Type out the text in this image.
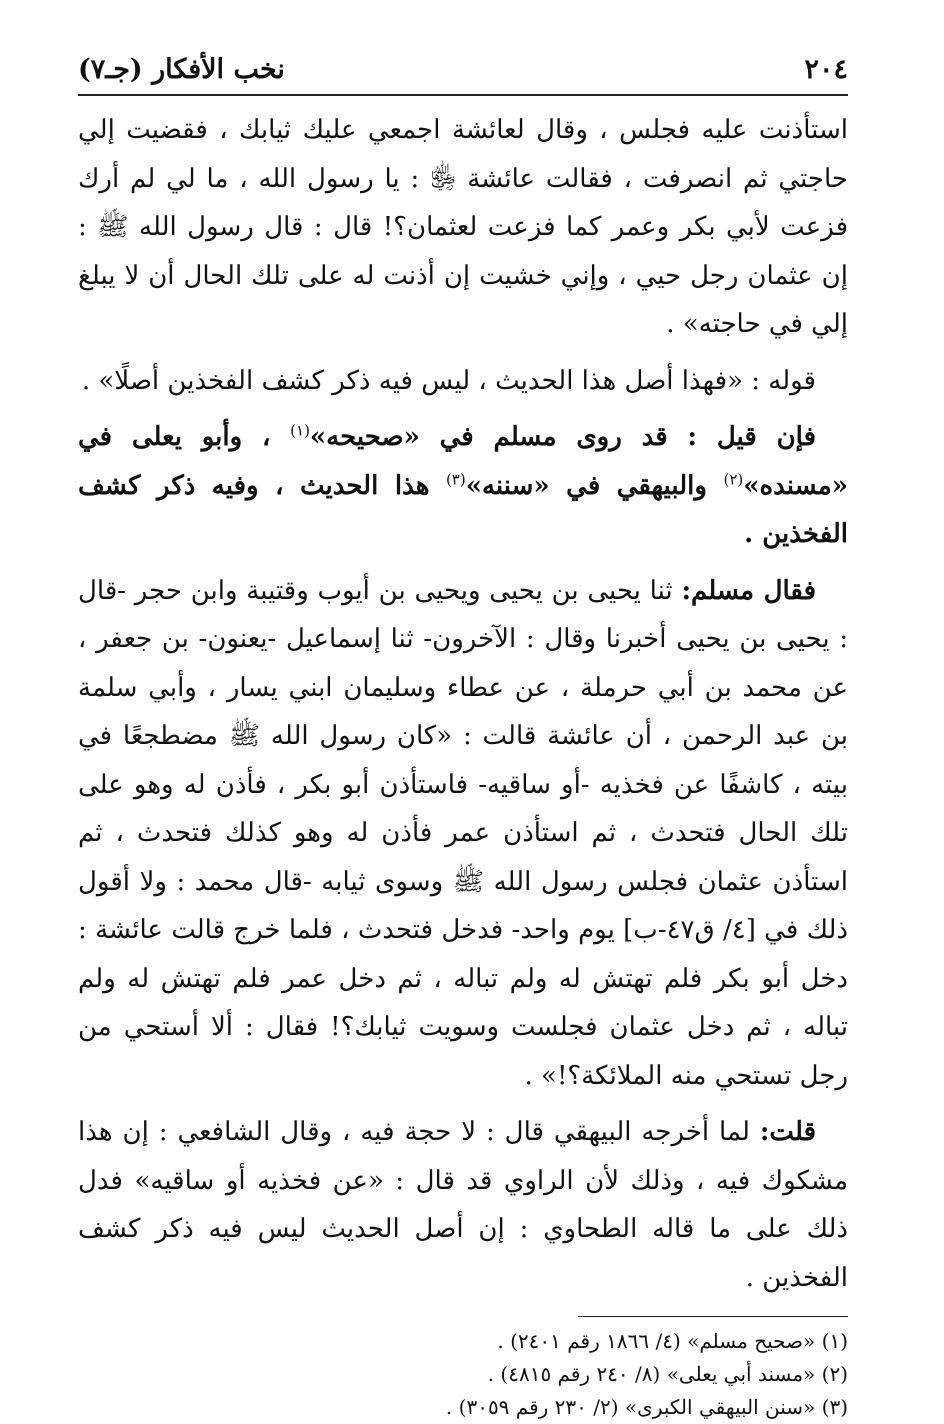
٢٠٤
نخب الأفكار (جـ٧)

استأذنت عليه فجلس ، وقال لعائشة اجمعي عليك ثيابك ، فقضيت إلي حاجتي ثم انصرفت ، فقالت عائشة ﵂ : يا رسول الله ، ما لي لم أرك فزعت لأبي بكر وعمر كما فزعت لعثمان؟! قال : قال رسول الله ﷺ : إن عثمان رجل حيي ، وإني خشيت إن أذنت له على تلك الحال أن لا يبلغ إلي في حاجته» .

قوله : «فهذا أصل هذا الحديث ، ليس فيه ذكر كشف الفخذين أصلًا» .

فإن قيل : قد روى مسلم في «صحيحه»$^{(١)}$ ، وأبو يعلى في «مسنده»$^{(٢)}$ والبيهقي في «سننه»$^{(٣)}$ هذا الحديث ، وفيه ذكر كشف الفخذين .

فقال مسلم: ثنا يحيى بن يحيى ويحيى بن أيوب وقتيبة وابن حجر -قال : يحيى بن يحيى أخبرنا وقال : الآخرون- ثنا إسماعيل -يعنون- بن جعفر ، عن محمد بن أبي حرملة ، عن عطاء وسليمان ابني يسار ، وأبي سلمة بن عبد الرحمن ، أن عائشة قالت : «كان رسول الله ﷺ مضطجعًا في بيته ، كاشفًا عن فخذيه -أو ساقيه- فاستأذن أبو بكر ، فأذن له وهو على تلك الحال فتحدث ، ثم استأذن عمر فأذن له وهو كذلك فتحدث ، ثم استأذن عثمان فجلس رسول الله ﷺ وسوى ثيابه -قال محمد : ولا أقول ذلك في [٤/ ق٤٧-ب] يوم واحد- فدخل فتحدث ، فلما خرج قالت عائشة : دخل أبو بكر فلم تهتش له ولم تباله ، ثم دخل عمر فلم تهتش له ولم تباله ، ثم دخل عثمان فجلست وسويت ثيابك؟! فقال : ألا أستحي من رجل تستحي منه الملائكة؟!» .

قلت: لما أخرجه البيهقي قال : لا حجة فيه ، وقال الشافعي : إن هذا مشكوك فيه ، وذلك لأن الراوي قد قال : «عن فخذيه أو ساقيه» فدل ذلك على ما قاله الطحاوي : إن أصل الحديث ليس فيه ذكر كشف الفخذين .

(١) «صحيح مسلم» (٤/ ١٨٦٦ رقم ٢٤٠١) .

(٢) «مسند أبي يعلى» (٨/ ٢٤٠ رقم ٤٨١٥) .

(٣) «سنن البيهقي الكبرى» (٢/ ٢٣٠ رقم ٣٠٥٩) .
